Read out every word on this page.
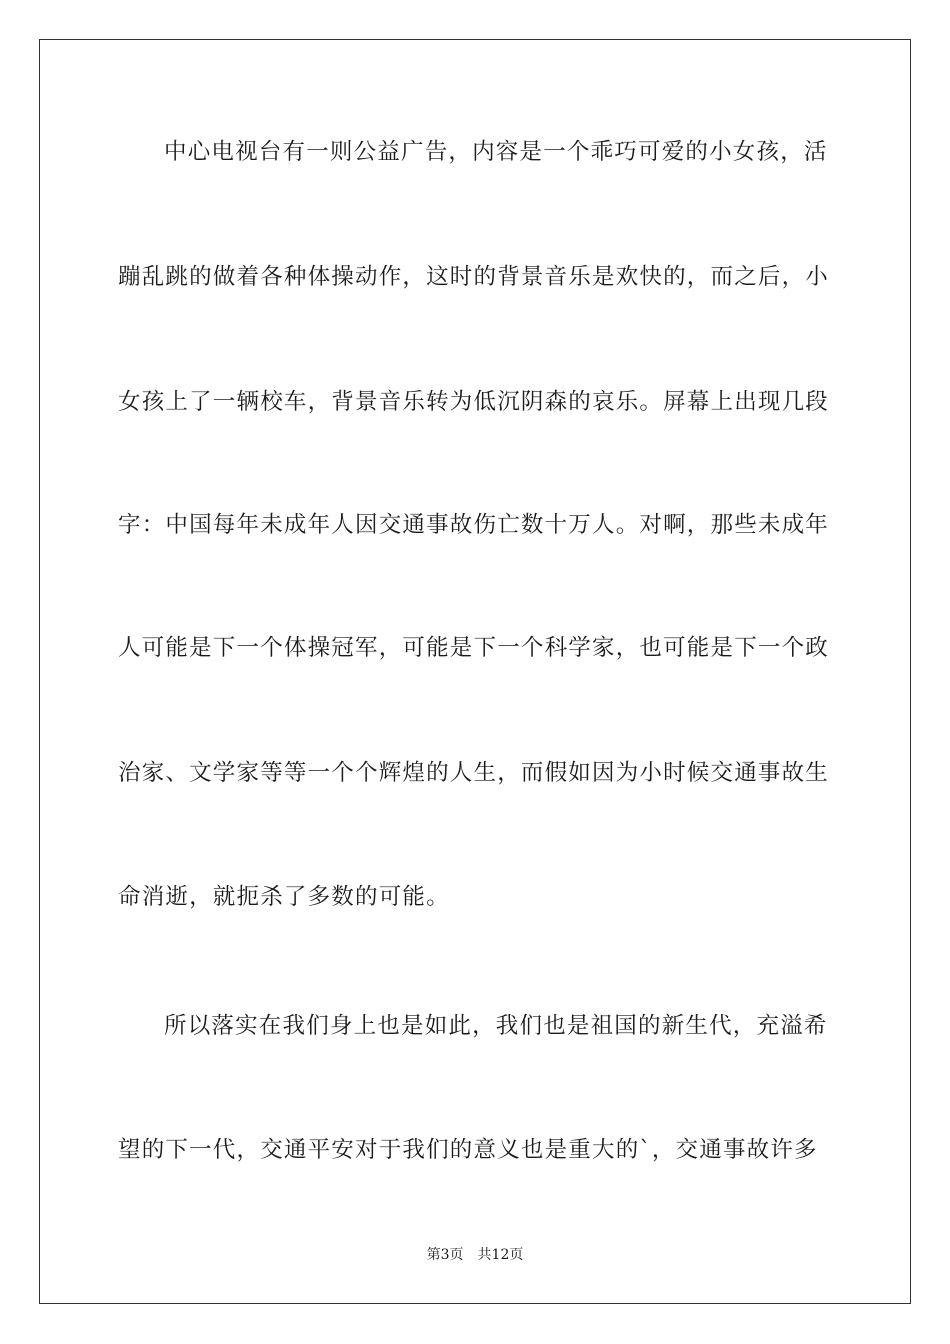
中心电视台有一则公益广告，内容是一个乖巧可爱的小女孩，活
蹦乱跳的做着各种体操动作，这时的背景音乐是欢快的，而之后，小
女孩上了一辆校车，背景音乐转为低沉阴森的哀乐。屏幕上出现几段
字：中国每年未成年人因交通事故伤亡数十万人。对啊，那些未成年
人可能是下一个体操冠军，可能是下一个科学家，也可能是下一个政
治家、文学家等等一个个辉煌的人生，而假如因为小时候交通事故生
命消逝，就扼杀了多数的可能。
所以落实在我们身上也是如此，我们也是祖国的新生代，充溢希
望的下一代，交通平安对于我们的意义也是重大的`，交通事故许多
第3页 共12页
